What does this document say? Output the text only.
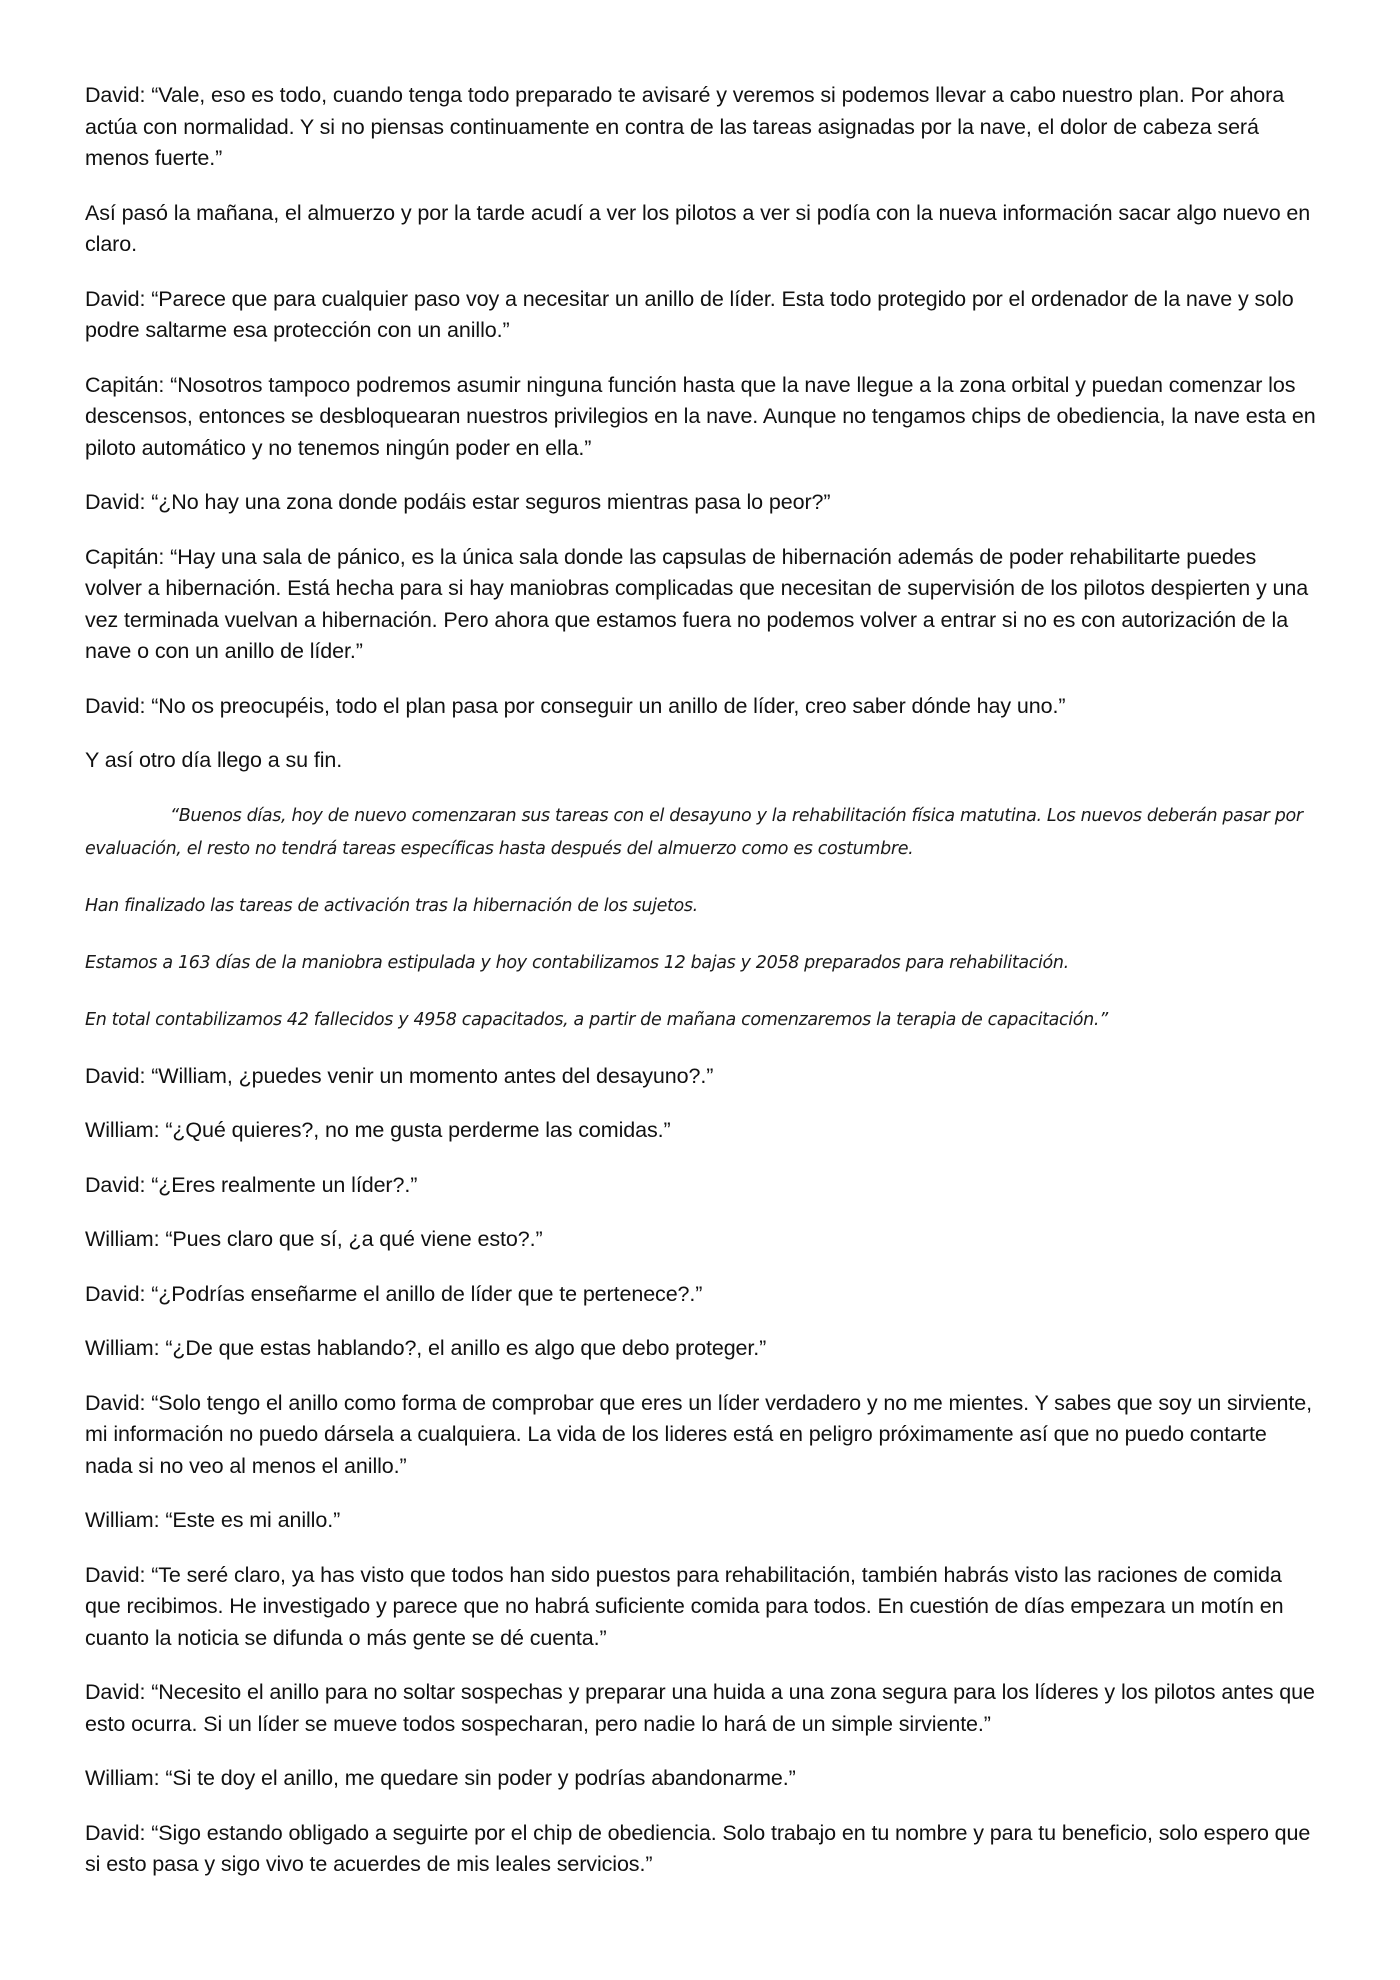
David: “Vale, eso es todo, cuando tenga todo preparado te avisaré y veremos si podemos llevar a cabo nuestro plan. Por ahora actúa con normalidad. Y si no piensas continuamente en contra de las tareas asignadas por la nave, el dolor de cabeza será menos fuerte.”

Así pasó la mañana, el almuerzo y por la tarde acudí a ver los pilotos a ver si podía con la nueva información sacar algo nuevo en claro.

David: “Parece que para cualquier paso voy a necesitar un anillo de líder. Esta todo protegido por el ordenador de la nave y solo podre saltarme esa protección con un anillo.”

Capitán: “Nosotros tampoco podremos asumir ninguna función hasta que la nave llegue a la zona orbital y puedan comenzar los descensos, entonces se desbloquearan nuestros privilegios en la nave. Aunque no tengamos chips de obediencia, la nave esta en piloto automático y no tenemos ningún poder en ella.”

David: “¿No hay una zona donde podáis estar seguros mientras pasa lo peor?”

Capitán: “Hay una sala de pánico, es la única sala donde las capsulas de hibernación además de poder rehabilitarte puedes volver a hibernación. Está hecha para si hay maniobras complicadas que necesitan de supervisión de los pilotos despierten y una vez terminada vuelvan a hibernación. Pero ahora que estamos fuera no podemos volver a entrar si no es con autorización de la nave o con un anillo de líder.”

David: “No os preocupéis, todo el plan pasa por conseguir un anillo de líder, creo saber dónde hay uno.”

Y así otro día llego a su fin.

“Buenos días, hoy de nuevo comenzaran sus tareas con el desayuno y la rehabilitación física matutina. Los nuevos deberán pasar por evaluación, el resto no tendrá tareas específicas hasta después del almuerzo como es costumbre.

Han finalizado las tareas de activación tras la hibernación de los sujetos.

Estamos a 163 días de la maniobra estipulada y hoy contabilizamos 12 bajas y 2058 preparados para rehabilitación.

En total contabilizamos 42 fallecidos y 4958 capacitados, a partir de mañana comenzaremos la terapia de capacitación.”

David: “William, ¿puedes venir un momento antes del desayuno?.”

William: “¿Qué quieres?, no me gusta perderme las comidas.”

David: “¿Eres realmente un líder?.”

William: “Pues claro que sí, ¿a qué viene esto?.”

David: “¿Podrías enseñarme el anillo de líder que te pertenece?.”

William: “¿De que estas hablando?, el anillo es algo que debo proteger.”

David: “Solo tengo el anillo como forma de comprobar que eres un líder verdadero y no me mientes. Y sabes que soy un sirviente, mi información no puedo dársela a cualquiera. La vida de los lideres está en peligro próximamente así que no puedo contarte nada si no veo al menos el anillo.”

William: “Este es mi anillo.”

David: “Te seré claro, ya has visto que todos han sido puestos para rehabilitación, también habrás visto las raciones de comida que recibimos. He investigado y parece que no habrá suficiente comida para todos. En cuestión de días empezara un motín en cuanto la noticia se difunda o más gente se dé cuenta.”

David: “Necesito el anillo para no soltar sospechas y preparar una huida a una zona segura para los líderes y los pilotos antes que esto ocurra. Si un líder se mueve todos sospecharan, pero nadie lo hará de un simple sirviente.”

William: “Si te doy el anillo, me quedare sin poder y podrías abandonarme.”

David: “Sigo estando obligado a seguirte por el chip de obediencia. Solo trabajo en tu nombre y para tu beneficio, solo espero que si esto pasa y sigo vivo te acuerdes de mis leales servicios.”
